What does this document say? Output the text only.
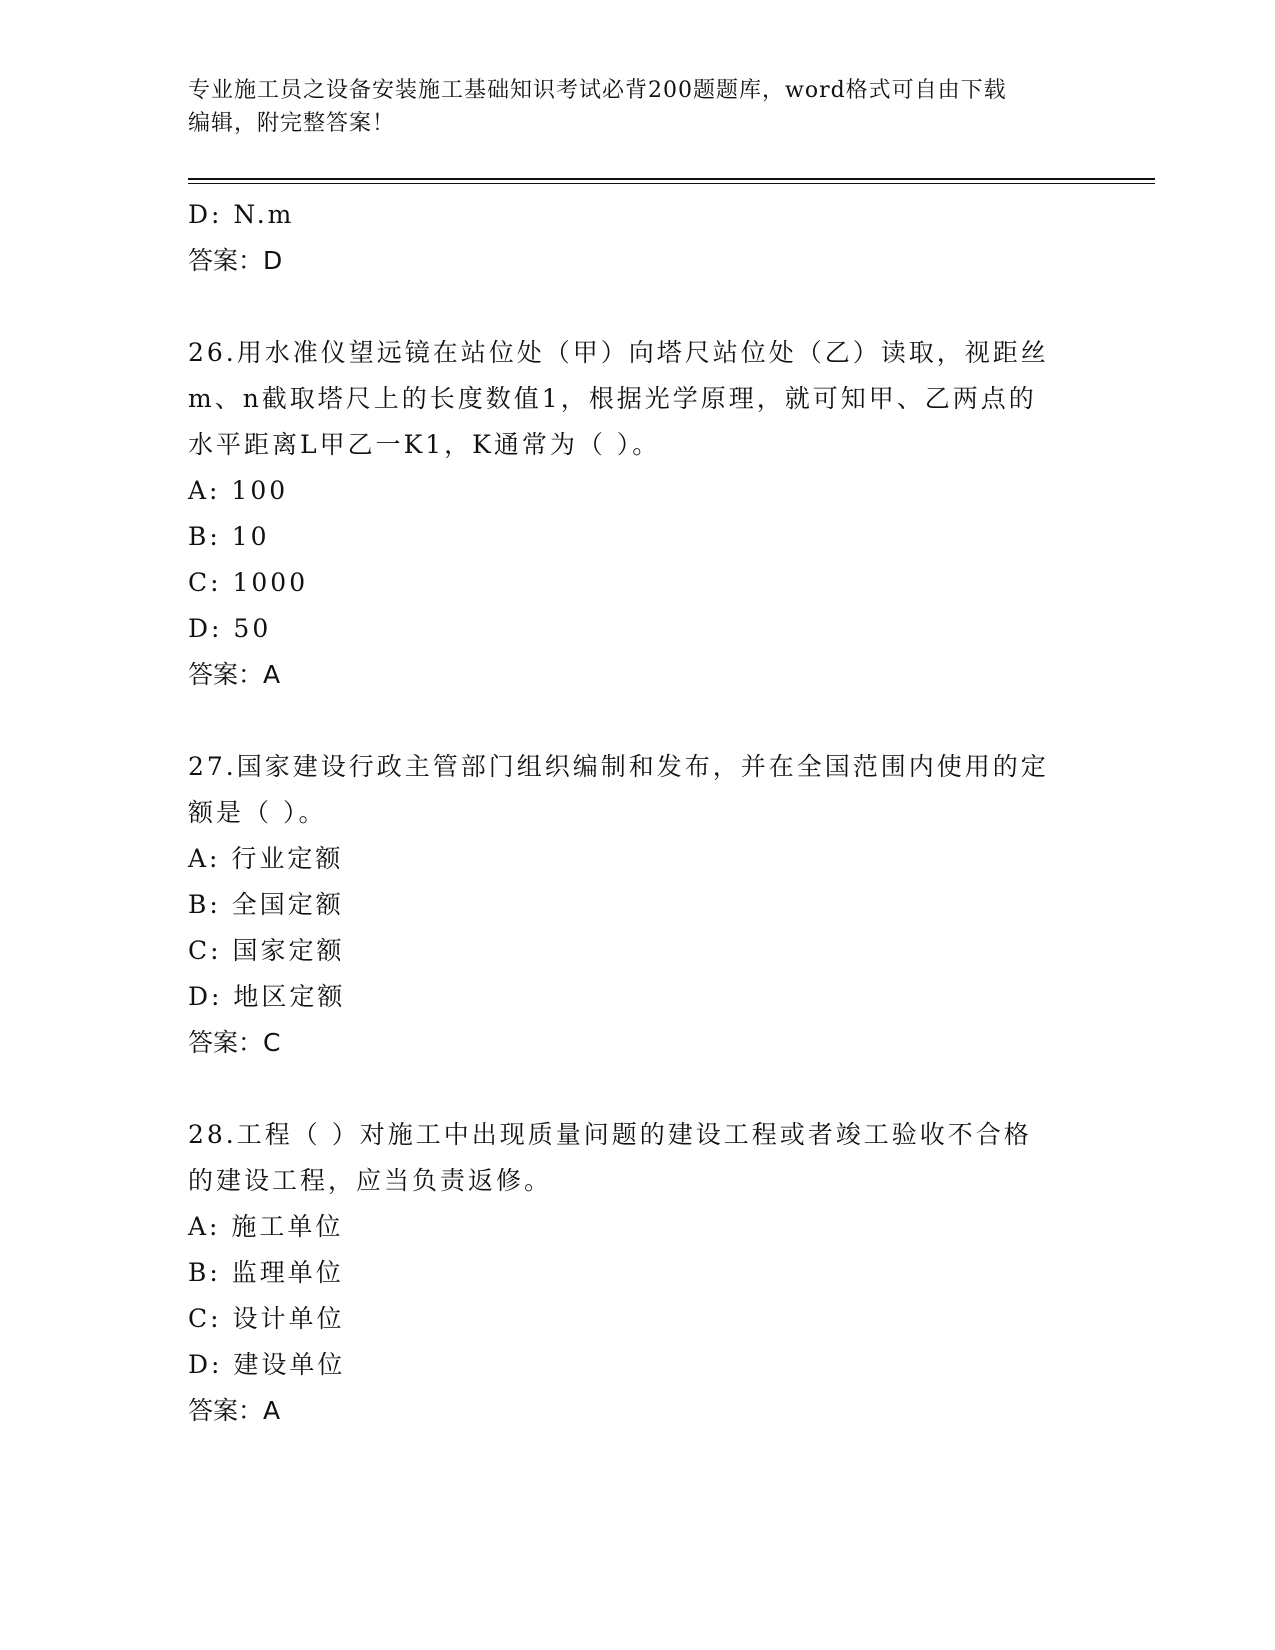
专业施工员之设备安装施工基础知识考试必背200题题库，word格式可自由下载
编辑，附完整答案！
D: N.m
答案：D
26.用水准仪望远镜在站位处（甲）向塔尺站位处（乙）读取，视距丝
m、n截取塔尺上的长度数值1，根据光学原理，就可知甲、乙两点的
水平距离L甲乙一K1，K通常为（ ）。
A: 100
B: 10
C: 1000
D: 50
答案：A
27.国家建设行政主管部门组织编制和发布，并在全国范围内使用的定
额是（ ）。
A: 行业定额
B: 全国定额
C: 国家定额
D: 地区定额
答案：C
28.工程（ ）对施工中出现质量问题的建设工程或者竣工验收不合格
的建设工程，应当负责返修。
A: 施工单位
B: 监理单位
C: 设计单位
D: 建设单位
答案：A
